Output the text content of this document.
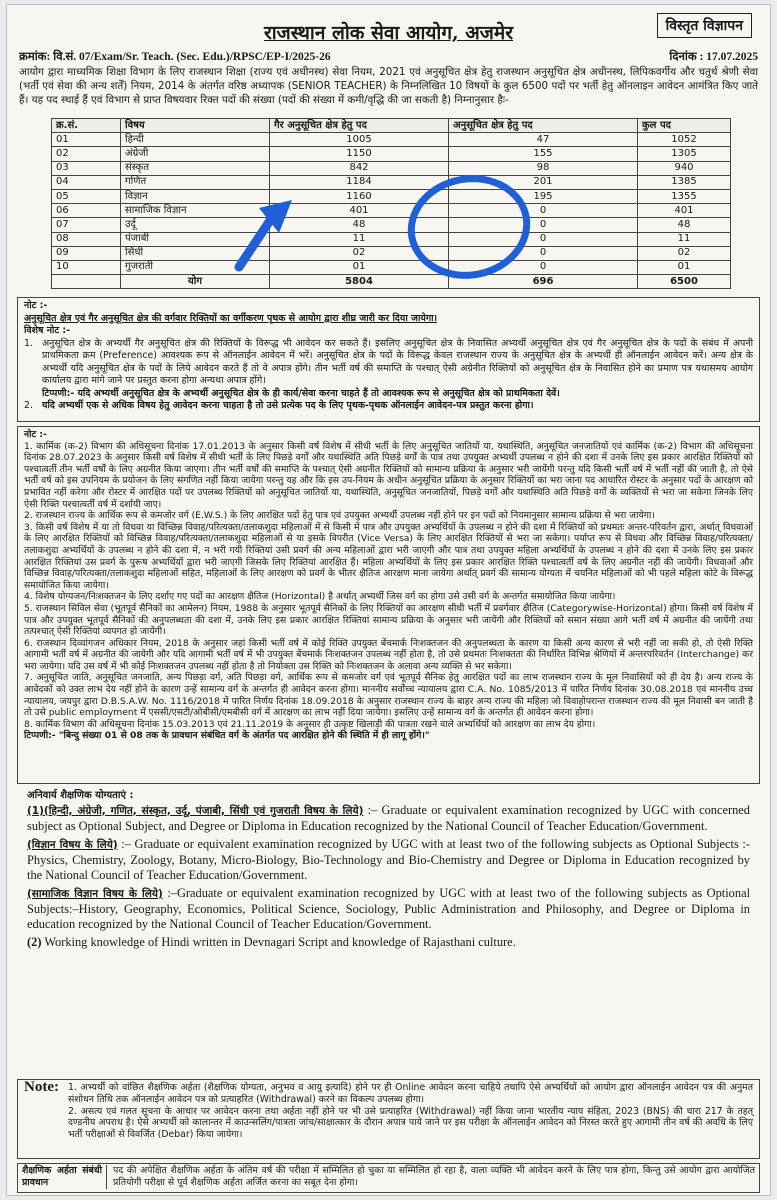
विस्तृत विज्ञापन
राजस्थान लोक सेवा आयोग, अजमेर
क्रमांक: वि.सं. 07/Exam/Sr. Teach. (Sec. Edu.)/RPSC/EP-I/2025-26	दिनांक : 17.07.2025
आयोग द्वारा माध्यमिक शिक्षा विभाग के लिए राजस्थान शिक्षा (राज्य एवं अधीनस्थ) सेवा नियम, 2021 एवं अनुसूचित क्षेत्र हेतु राजस्थान अनुसूचित क्षेत्र अधीनस्थ, लिपिकवर्गीय और चतुर्थ श्रेणी सेवा (भर्ती एवं सेवा की अन्य शर्तें) नियम, 2014 के अंतर्गत वरिष्ठ अध्यापक (SENIOR TEACHER) के निम्नलिखित 10 विषयों के कुल 6500 पदों पर भर्ती हेतु ऑनलाइन आवेदन आमंत्रित किए जाते हैं। यह पद स्थाई हैं एवं विभाग से प्राप्त विषयवार रिक्त पदों की संख्या (पदों की संख्या में कमी/वृद्धि की जा सकती है) निम्नानुसार हैः-
क्र.सं.	विषय	गैर अनुसूचित क्षेत्र हेतु पद	अनुसूचित क्षेत्र हेतु पद	कुल पद
01	हिन्दी	1005	47	1052
02	अंग्रेजी	1150	155	1305
03	संस्कृत	842	98	940
04	गणित	1184	201	1385
05	विज्ञान	1160	195	1355
06	सामाजिक विज्ञान	401	0	401
07	उर्दू	48	0	48
08	पंजाबी	11	0	11
09	सिंधी	02	0	02
10	गुजराती	01	0	01
	योग	5804	696	6500
नोट :-
अनुसूचित क्षेत्र एवं गैर अनुसूचित क्षेत्र की वर्गवार रिक्तियों का वर्गीकरण पृथक से आयोग द्वारा शीघ्र जारी कर दिया जायेगा।
विशेष नोट :-
1. अनुसूचित क्षेत्र के अभ्यर्थी गैर अनुसूचित क्षेत्र की रिक्तियों के विरूद्ध भी आवेदन कर सकते हैं। इसलिए अनुसूचित क्षेत्र के निवासित अभ्यर्थी अनुसूचित क्षेत्र एवं गैर अनुसूचित क्षेत्र के पदों के संबंध में अपनी प्राथमिकता क्रम (Preference) आवश्यक रूप से ऑनलाईन आवेदन में भरें। अनुसूचित क्षेत्र के पदों के विरूद्ध केवल राजस्थान राज्य के अनुसूचित क्षेत्र के अभ्यर्थी ही ऑनलाईन आवेदन करें। अन्य क्षेत्र के अभ्यर्थी यदि अनुसूचित क्षेत्र के पदों के लिये आवेदन करते हैं तो वे अपात्र होंगे। तीन भर्ती वर्ष की समाप्ति के पश्चात् ऐसी अग्रेनीत रिक्तियों को अनुसूचित क्षेत्र के निवासित होने का प्रमाण पत्र यथासमय आयोग कार्यालय द्वारा मांगे जाने पर प्रस्तुत करना होगा अन्यथा अपात्र होंगे।
टिप्पणी:- यदि अभ्यर्थी अनुसूचित क्षेत्र के अभ्यर्थी अनुसूचित क्षेत्र के ही कार्य/सेवा करना चाहते हैं तो आवश्यक रूप से अनुसूचित क्षेत्र को प्राथमिकता देवें।
2. यदि अभ्यर्थी एक से अधिक विषय हेतु आवेदन करना चाहता है तो उसे प्रत्येक पद के लिए पृथक-पृथक ऑनलाईन आवेदन-पत्र प्रस्तुत करना होगा।
नोट :-
1. कार्मिक (क-2) विभाग की अधिसूचना दिनांक 17.01.2013 के अनुसार किसी वर्ष विशेष में सीधी भर्ती के लिए अनुसूचित जातियों या, यथास्थिति, अनुसूचित जनजातियों एवं कार्मिक (क-2) विभाग की अधिसूचना दिनांक 28.07.2023 के अनुसार किसी वर्ष विशेष में सीधी भर्ती के लिए पिछड़े वर्गों और यथास्थिति अति पिछड़े वर्गों के पात्र तथा उपयुक्त अभ्यर्थी उपलब्ध न होने की दशा में उनके लिए इस प्रकार आरक्षित रिक्तियों को पश्चात्वर्ती तीन भर्ती वर्षों के लिए अग्रनीत किया जाएगा। तीन भर्ती वर्षों की समाप्ति के पश्चात् ऐसी अग्रनीत रिक्तियों को सामान्य प्रक्रिया के अनुसार भरी जायेंगी परन्तु यदि किसी भर्ती वर्ष में भर्ती नहीं की जाती है, तो ऐसे भर्ती वर्ष को इस उपनियम के प्रयोजन के लिए संगणित नहीं किया जायेगा परन्तु यह और कि इस उप-नियम के अधीन अनुसूचित प्रक्रिया के अनुसार रिक्तियों का भरा जाना पद आधारित रोस्टर के अनुसार पदों के आरक्षण को प्रभावित नहीं करेगा और रोस्टर में आरक्षित पदों पर उपलब्ध रिक्तियों को अनुसूचित जातियों या, यथास्थिति, अनुसूचित जनजातियों, पिछड़े वर्गों और यथास्थिति अति पिछड़े वर्गों के व्यक्तियों से भरा जा सकेगा जिनके लिए ऐसी रिक्ति पश्चात्वर्ती वर्ष में दर्शायी जाए।
2. राजस्थान राज्य के आर्थिक रूप से कमजोर वर्ग (E.W.S.) के लिए आरक्षित पदों हेतु पात्र एवं उपयुक्त अभ्यर्थी उपलब्ध नहीं होने पर इन पदों को नियमानुसार सामान्य प्रक्रिया से भरा जायेगा।
3. किसी वर्ष विशेष में या तो विधवा या विच्छिन्न विवाह/परित्यक्ता/तलाकशुदा महिलाओं में से किसी में पात्र और उपयुक्त अभ्यर्थियों के उपलब्ध न होने की दशा में रिक्तियों को प्रथमतः अन्तर-परिवर्तन द्वारा, अर्थात् विधवाओं के लिए आरक्षित रिक्तियों को विच्छिन्न विवाह/परित्यक्ता/तलाकशुदा महिलाओं से या इसके विपरीत (Vice Versa) के लिए आरक्षित रिक्तियों से भरा जा सकेगा। पर्याप्त रूप से विधवा और विच्छिन्न विवाह/परित्यक्ता/तलाकशुदा अभ्यर्थियों के उपलब्ध न होने की दशा में, न भरी गयी रिक्तियां उसी प्रवर्ग की अन्य महिलाओं द्वारा भरी जाएगी और पात्र तथा उपयुक्त महिला अभ्यर्थियों के उपलब्ध न होने की दशा में उनके लिए इस प्रकार आरक्षित रिक्तियां उस प्रवर्ग के पुरूष अभ्यर्थियों द्वारा भरी जाएगी जिसके लिए रिक्तियां आरक्षित हैं। महिला अभ्यर्थियों के लिए इस प्रकार आरक्षित रिक्ति पश्चात्वर्ती वर्ष के लिए अग्रनीत नहीं की जायेगी। विधवाओं और विच्छिन्न विवाह/परित्यक्ता/तलाकशुदा महिलाओं सहित, महिलाओं के लिए आरक्षण को प्रवर्ग के भीतर क्षैतिज आरक्षण माना जायेगा अर्थात् प्रवर्ग की सामान्य योग्यता में चयनित महिलाओं को भी पहले महिला कोटे के विरूद्ध समायोजित किया जायेगा।
4. विशेष योग्यजन/निःशक्तजन के लिए दर्शाए गए पदों का आरक्षण क्षैतिज (Horizontal) है अर्थात् अभ्यर्थी जिस वर्ग का होगा उसे उसी वर्ग के अन्तर्गत समायोजित किया जायेगा।
5. राजस्थान सिविल सेवा (भूतपूर्व सैनिकों का आमेलन) नियम, 1988 के अनुसार भूतपूर्व सैनिकों के लिए रिक्तियों का आरक्षण सीधी भर्ती में प्रवर्गवार क्षैतिज (Categorywise-Horizontal) होगा। किसी वर्ष विशेष में पात्र और उपयुक्त भूतपूर्व सैनिकों की अनुपलब्धता की दशा में, उनके लिए इस प्रकार आरक्षित रिक्तियां सामान्य प्रक्रिया के अनुसार भरी जायेंगी और रिक्तियों को समान संख्या आगे भर्ती वर्ष में अग्रनीत की जायेंगी तथा तत्पश्चात् ऐसी रिक्तियां व्यपगत हो जायेंगी।
6. राजस्थान दिव्यांगजन अधिकार नियम, 2018 के अनुसार जहां किसी भर्ती वर्ष में कोई रिक्ति उपयुक्त बेंचमार्क निःशक्तजन की अनुपलब्धता के कारण या किसी अन्य कारण से भरी नहीं जा सकी हो, तो ऐसी रिक्ति आगामी भर्ती वर्ष में अग्रनीत की जायेगी और यदि आगामी भर्ती वर्ष में भी उपयुक्त बेंचमार्क निःशक्तजन उपलब्ध नहीं होता है, तो उसे प्रथमतः निःशक्तता की निर्धारित विभिन्न श्रेणियों में अन्तरपरिवर्तन (Interchange) कर भरा जायेगा। यदि उस वर्ष में भी कोई निःशक्तजन उपलब्ध नहीं होता है तो नियोक्ता उस रिक्ति को निःशक्तजन के अलावा अन्य व्यक्ति से भर सकेगा।
7. अनुसूचित जाति, अनुसूचित जनजाति, अन्य पिछड़ा वर्ग, अति पिछड़ा वर्ग, आर्थिक रूप से कमजोर वर्ग एवं भूतपूर्व सैनिक हेतु आरक्षित पदों का लाभ राजस्थान राज्य के मूल निवासियों को ही देय है। अन्य राज्य के आवेदकों को उक्त लाभ देय नहीं होने के कारण उन्हें सामान्य वर्ग के अन्तर्गत ही आवेदन करना होगा। माननीय सर्वोच्च न्यायालय द्वारा C.A. No. 1085/2013 में पारित निर्णय दिनांक 30.08.2018 एवं माननीय उच्च न्यायालय, जयपुर द्वारा D.B.S.A.W. No. 1116/2018 में पारित निर्णय दिनांक 18.09.2018 के अनुसार राजस्थान राज्य के बाहर अन्य राज्य की महिला जो विवाहोपरान्त राजस्थान राज्य की मूल निवासी बन जाती है तो उसे public employment में एससी/एसटी/ओबीसी/एमबीसी वर्ग में आरक्षण का लाभ नहीं दिया जायेगा। इसलिए उन्हें सामान्य वर्ग के अन्तर्गत ही आवेदन करना होगा।
8. कार्मिक विभाग की अधिसूचना दिनांक 15.03.2013 एवं 21.11.2019 के अनुसार ही उत्कृष्ट खिलाड़ी की पात्रता रखने वाले अभ्यर्थियों को आरक्षण का लाभ देय होगा।
टिप्पणी:- "बिन्दु संख्या 01 से 08 तक के प्रावधान संबंधित वर्ग के अंतर्गत पद आरक्षित होने की स्थिति में ही लागू होंगे।"
अनिवार्य शैक्षणिक योग्यताएं :
(1)(हिन्दी, अंग्रेजी, गणित, संस्कृत, उर्दू, पंजाबी, सिंधी एवं गुजराती विषय के लिये) :– Graduate or equivalent examination recognized by UGC with concerned subject as Optional Subject, and Degree or Diploma in Education recognized by the National Council of Teacher Education/Government.
(विज्ञान विषय के लिये) :– Graduate or equivalent examination recognized by UGC with at least two of the following subjects as Optional Subjects :- Physics, Chemistry, Zoology, Botany, Micro-Biology, Bio-Technology and Bio-Chemistry and Degree or Diploma in Education recognized by the National Council of Teacher Education/Government.
(सामाजिक विज्ञान विषय के लिये) :–Graduate or equivalent examination recognized by UGC with at least two of the following subjects as Optional Subjects:–History, Geography, Economics, Political Science, Sociology, Public Administration and Philosophy, and Degree or Diploma in education recognized by the National Council of Teacher Education/Government.
(2) Working knowledge of Hindi written in Devnagari Script and knowledge of Rajasthani culture.
Note: 1. अभ्यर्थी को वांछित शैक्षणिक अर्हता (शैक्षणिक योग्यता, अनुभव व आयु इत्यादि) होने पर ही Online आवेदन करना चाहिये तथापि ऐसे अभ्यर्थियों को आयोग द्वारा ऑनलाईन आवेदन पत्र की अनुमत संशोधन तिथि तक ऑनलाईन आवेदन पत्र को प्रत्याहरित (Withdrawal) करने का विकल्प उपलब्ध होगा।
2. असत्य एवं गलत सूचना के आधार पर आवेदन करना तथा अर्हता नहीं होने पर भी उसे प्रत्याहरित (Withdrawal) नहीं किया जाना भारतीय न्याय संहिता, 2023 (BNS) की धारा 217 के तहत् दण्डनीय अपराध है। ऐसे अभ्यर्थी को कालान्तर में काउन्सलिंग/पात्रता जांच/साक्षात्कार के दौरान अपात्र पाये जाने पर इस परीक्षा के ऑनलाईन आवेदन को निरस्त करते हुए आगामी तीन वर्ष की अवधि के लिए भर्ती परीक्षाओं से विवर्जित (Debar) किया जायेगा।
शैक्षणिक अर्हता संबंधी प्रावधान
पद की अपेक्षित शैक्षणिक अर्हता के अंतिम वर्ष की परीक्षा में सम्मिलित हो चुका या सम्मिलित हो रहा है, वाला व्यक्ति भी आवेदन करने के लिए पात्र होगा, किन्तु उसे आयोग द्वारा आयोजित प्रतियोगी परीक्षा से पूर्व शैक्षणिक अर्हता अर्जित करना का सबूत देना होगा।
